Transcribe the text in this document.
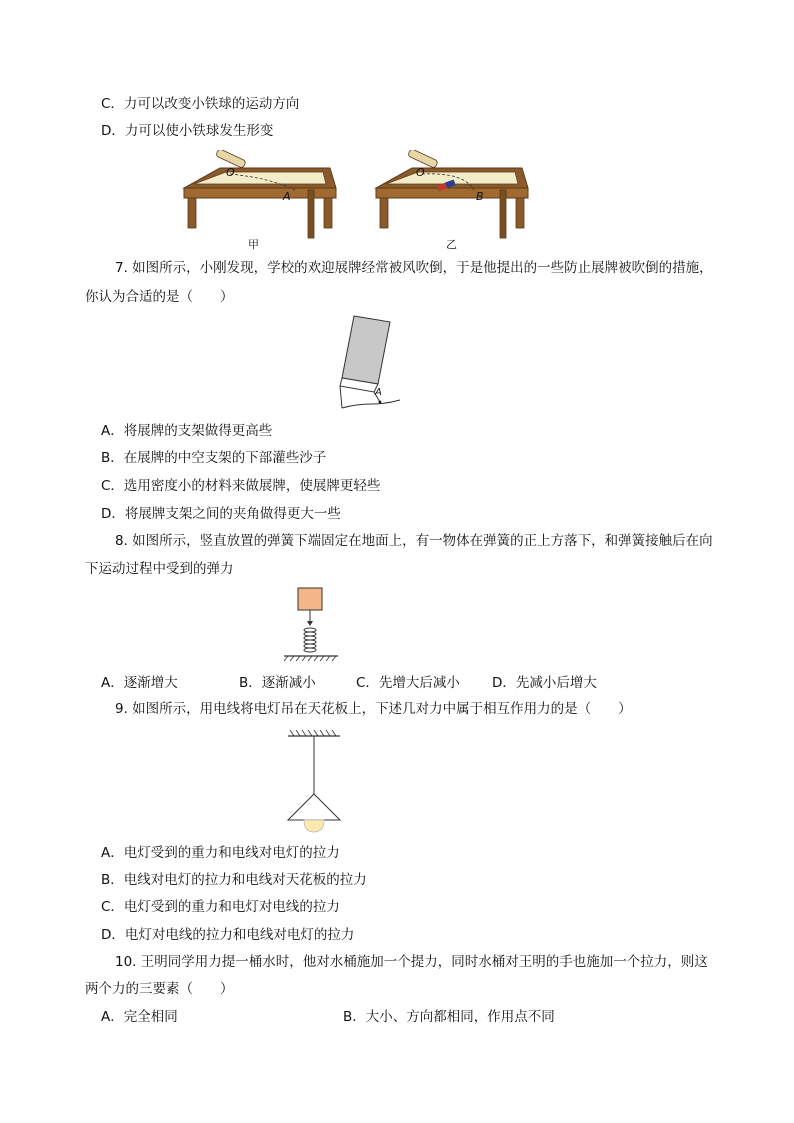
C．力可以改变小铁球的运动方向
D．力可以使小铁球发生形变
O
A
甲
O
B
乙
7. 如图所示，小刚发现，学校的欢迎展牌经常被风吹倒，于是他提出的一些防止展牌被吹倒的措施，
你认为合适的是（　　）
A
A．将展牌的支架做得更高些
B．在展牌的中空支架的下部灌些沙子
C．选用密度小的材料来做展牌，使展牌更轻些
D．将展牌支架之间的夹角做得更大一些
8. 如图所示，竖直放置的弹簧下端固定在地面上，有一物体在弹簧的正上方落下，和弹簧接触后在向
下运动过程中受到的弹力
A．逐渐增大	B．逐渐减小	C．先增大后减小 D．先减小后增大
9. 如图所示，用电线将电灯吊在天花板上，下述几对力中属于相互作用力的是（　　）
A．电灯受到的重力和电线对电灯的拉力
B．电线对电灯的拉力和电线对天花板的拉力
C．电灯受到的重力和电灯对电线的拉力
D．电灯对电线的拉力和电线对电灯的拉力
10. 王明同学用力提一桶水时，他对水桶施加一个提力，同时水桶对王明的手也施加一个拉力，则这
两个力的三要素（　　）
A．完全相同	B．大小、方向都相同，作用点不同
